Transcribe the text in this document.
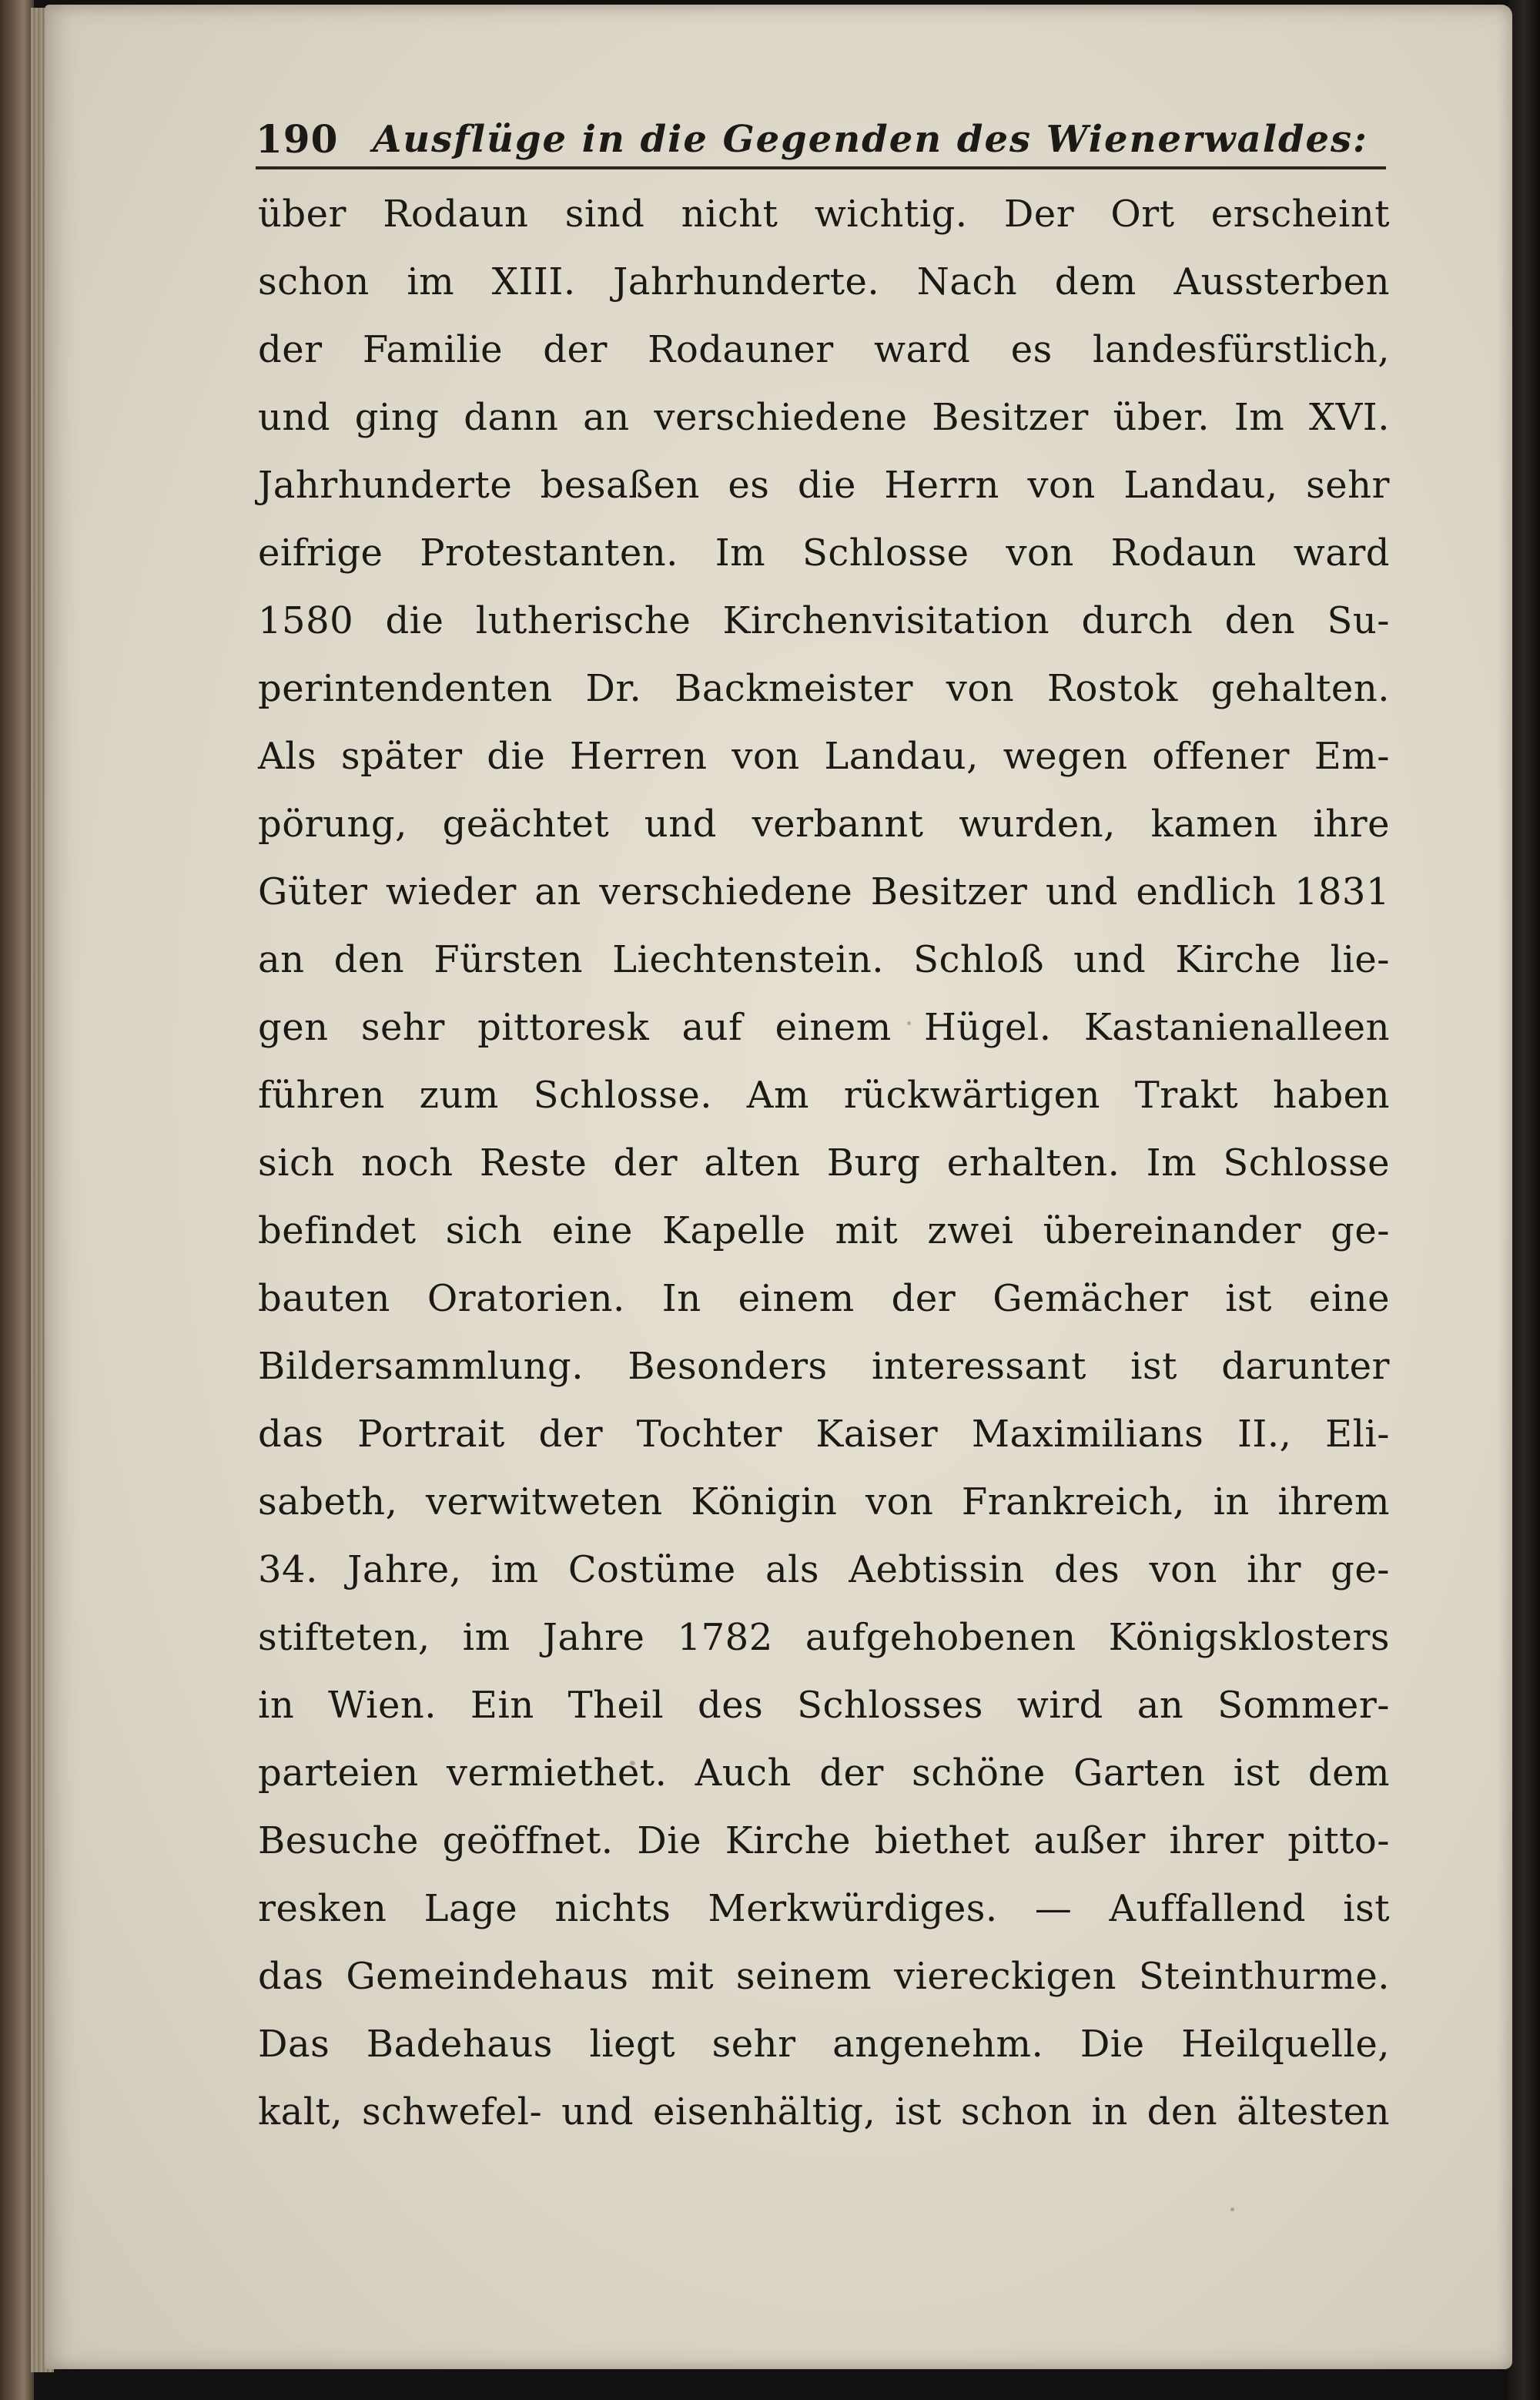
190 Ausflüge in die Gegenden des Wienerwaldes:
über Rodaun sind nicht wichtig. Der Ort erscheint
schon im XIII. Jahrhunderte. Nach dem Aussterben
der Familie der Rodauner ward es landesfürstlich,
und ging dann an verschiedene Besitzer über. Im XVI.
Jahrhunderte besaßen es die Herrn von Landau, sehr
eifrige Protestanten. Im Schlosse von Rodaun ward
1580 die lutherische Kirchenvisitation durch den Su-
perintendenten Dr. Backmeister von Rostok gehalten.
Als später die Herren von Landau, wegen offener Em-
pörung, geächtet und verbannt wurden, kamen ihre
Güter wieder an verschiedene Besitzer und endlich 1831
an den Fürsten Liechtenstein. Schloß und Kirche lie-
gen sehr pittoresk auf einem Hügel. Kastanienalleen
führen zum Schlosse. Am rückwärtigen Trakt haben
sich noch Reste der alten Burg erhalten. Im Schlosse
befindet sich eine Kapelle mit zwei übereinander ge-
bauten Oratorien. In einem der Gemächer ist eine
Bildersammlung. Besonders interessant ist darunter
das Portrait der Tochter Kaiser Maximilians II., Eli-
sabeth, verwitweten Königin von Frankreich, in ihrem
34. Jahre, im Costüme als Aebtissin des von ihr ge-
stifteten, im Jahre 1782 aufgehobenen Königsklosters
in Wien. Ein Theil des Schlosses wird an Sommer-
parteien vermiethet. Auch der schöne Garten ist dem
Besuche geöffnet. Die Kirche biethet außer ihrer pitto-
resken Lage nichts Merkwürdiges. — Auffallend ist
das Gemeindehaus mit seinem viereckigen Steinthurme.
Das Badehaus liegt sehr angenehm. Die Heilquelle,
kalt, schwefel- und eisenhältig, ist schon in den ältesten
